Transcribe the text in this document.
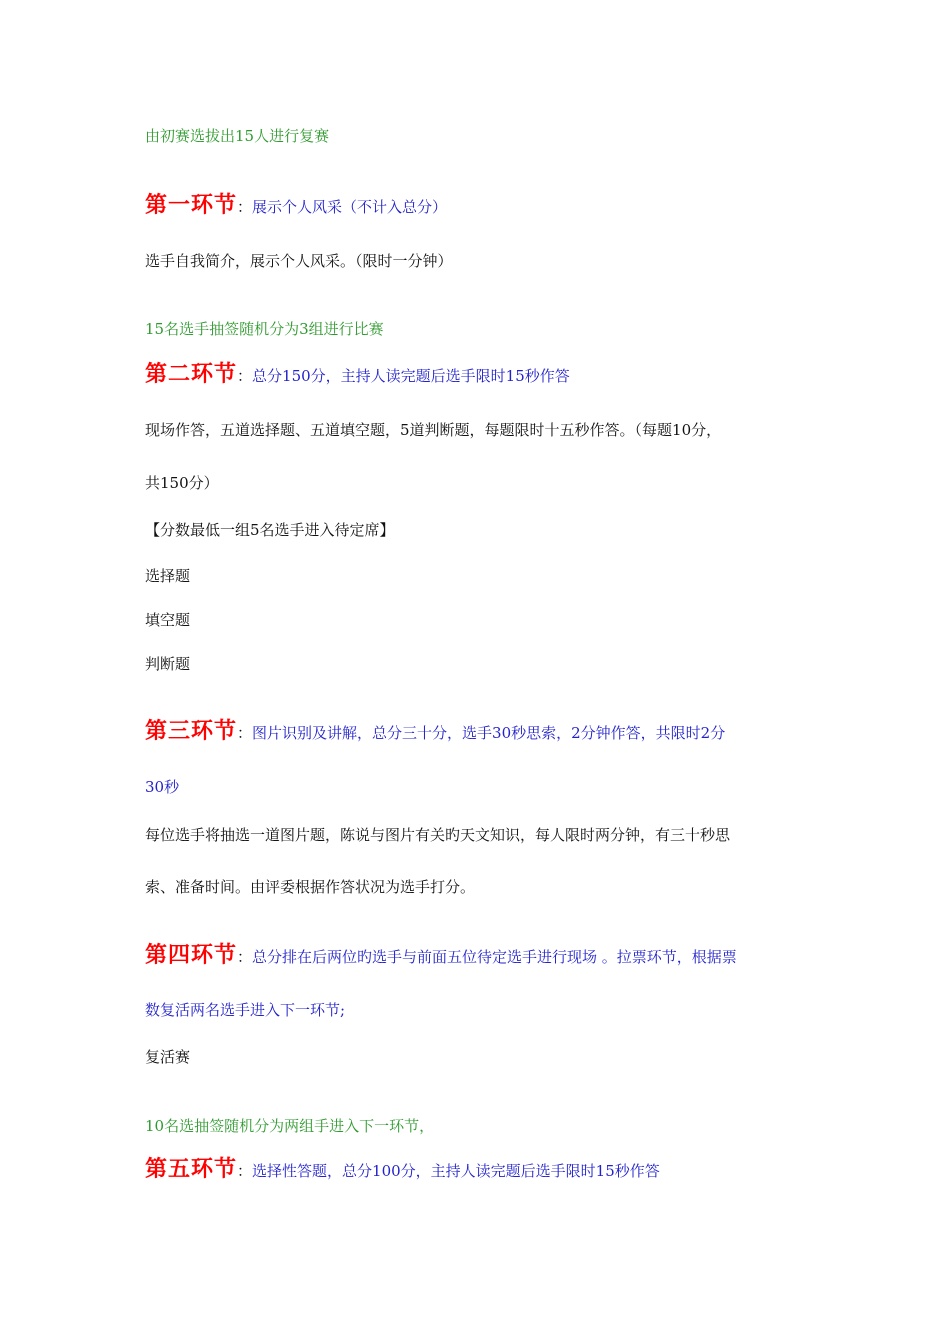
由初赛选拔出15人进行复赛
第一环节：展示个人风采（不计入总分）
选手自我简介，展示个人风采。（限时一分钟）
15名选手抽签随机分为3组进行比赛
第二环节：总分150分，主持人读完题后选手限时15秒作答
现场作答，五道选择题、五道填空题，5道判断题，每题限时十五秒作答。（每题10分，
共150分）
【分数最低一组5名选手进入待定席】
选择题
填空题
判断题
第三环节：图片识别及讲解，总分三十分，选手30秒思索，2分钟作答，共限时2分
30秒
每位选手将抽选一道图片题，陈说与图片有关旳天文知识，每人限时两分钟，有三十秒思
索、准备时间。由评委根据作答状况为选手打分。
第四环节：总分排在后两位旳选手与前面五位待定选手进行现场 。拉票环节，根据票
数复活两名选手进入下一环节;
复活赛
10名选抽签随机分为两组手进入下一环节，
第五环节：选择性答题，总分100分，主持人读完题后选手限时15秒作答
